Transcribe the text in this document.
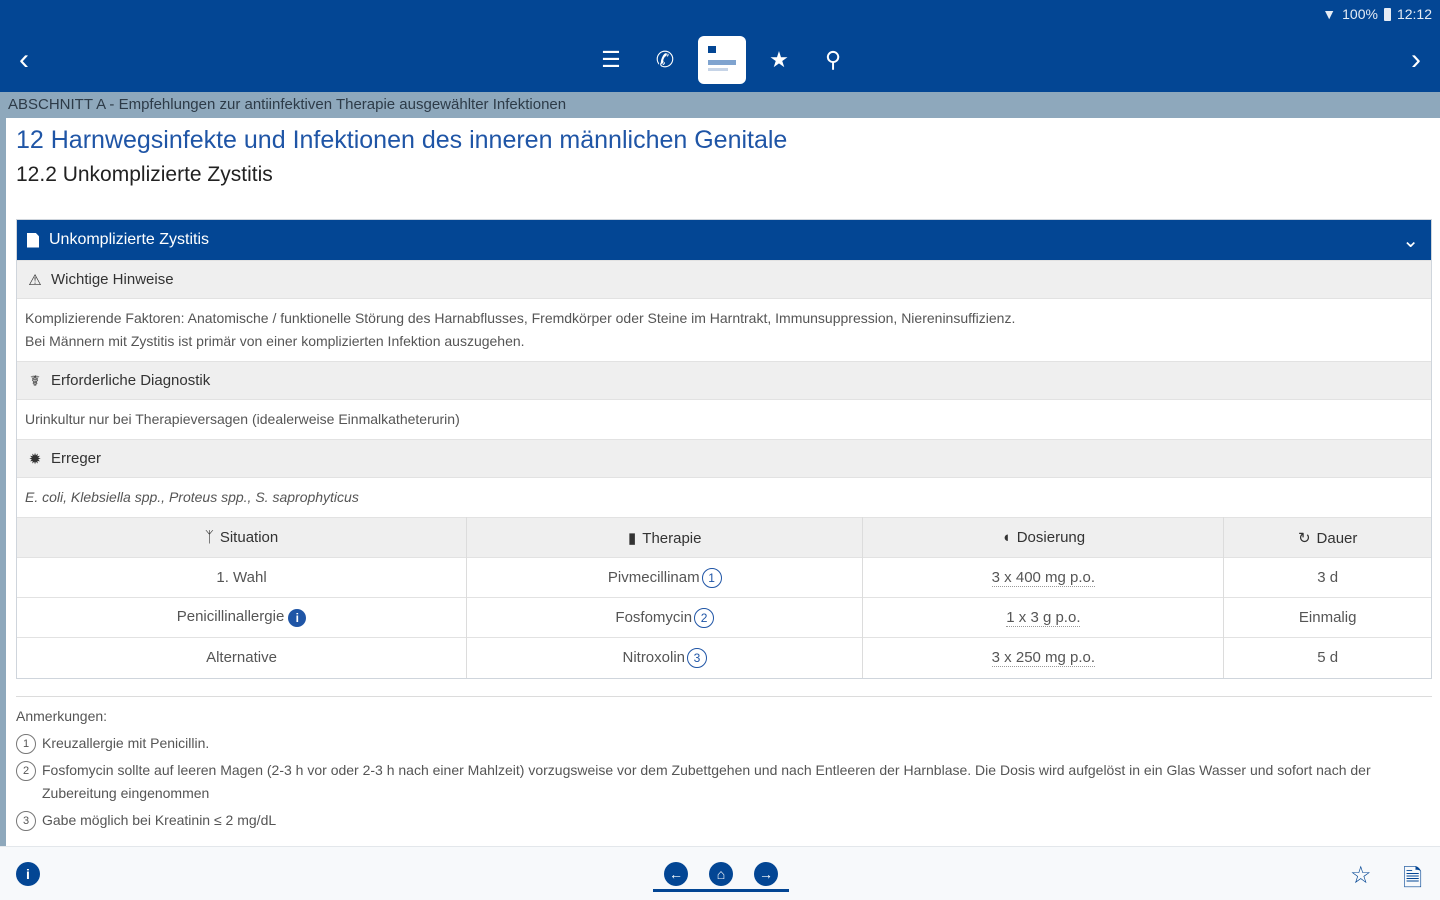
▼ 100% 12:12
‹	☰	✆	★	⚲	›
ABSCHNITT A - Empfehlungen zur antiinfektiven Therapie ausgewählter Infektionen
12 Harnwegsinfekte und Infektionen des inneren männlichen Genitale
12.2 Unkomplizierte Zystitis
Unkomplizierte Zystitis	⌄
⚠ Wichtige Hinweise
Komplizierende Faktoren: Anatomische / funktionelle Störung des Harnabflusses, Fremdkörper oder Steine im Harntrakt, Immunsuppression, Niereninsuffizienz.
Bei Männern mit Zystitis ist primär von einer komplizierten Infektion auszugehen.
☤ Erforderliche Diagnostik
Urinkultur nur bei Therapieversagen (idealerweise Einmalkatheterurin)
✹ Erreger
E. coli, Klebsiella spp., Proteus spp., S. saprophyticus
ᛉ Situation	▮ Therapie	◖ Dosierung	↻ Dauer
1. Wahl	Pivmecillinam 1	3 x 400 mg p.o.	3 d
Penicillinallergie i	Fosfomycin 2	1 x 3 g p.o.	Einmalig
Alternative	Nitroxolin 3	3 x 250 mg p.o.	5 d
Anmerkungen:
1 Kreuzallergie mit Penicillin.
2 Fosfomycin sollte auf leeren Magen (2-3 h vor oder 2-3 h nach einer Mahlzeit) vorzugsweise vor dem Zubettgehen und nach Entleeren der Harnblase. Die Dosis wird aufgelöst in ein Glas Wasser und sofort nach der Zubereitung eingenommen
3 Gabe möglich bei Kreatinin ≤ 2 mg/dL
i	←	⌂	→	☆ 🗎
